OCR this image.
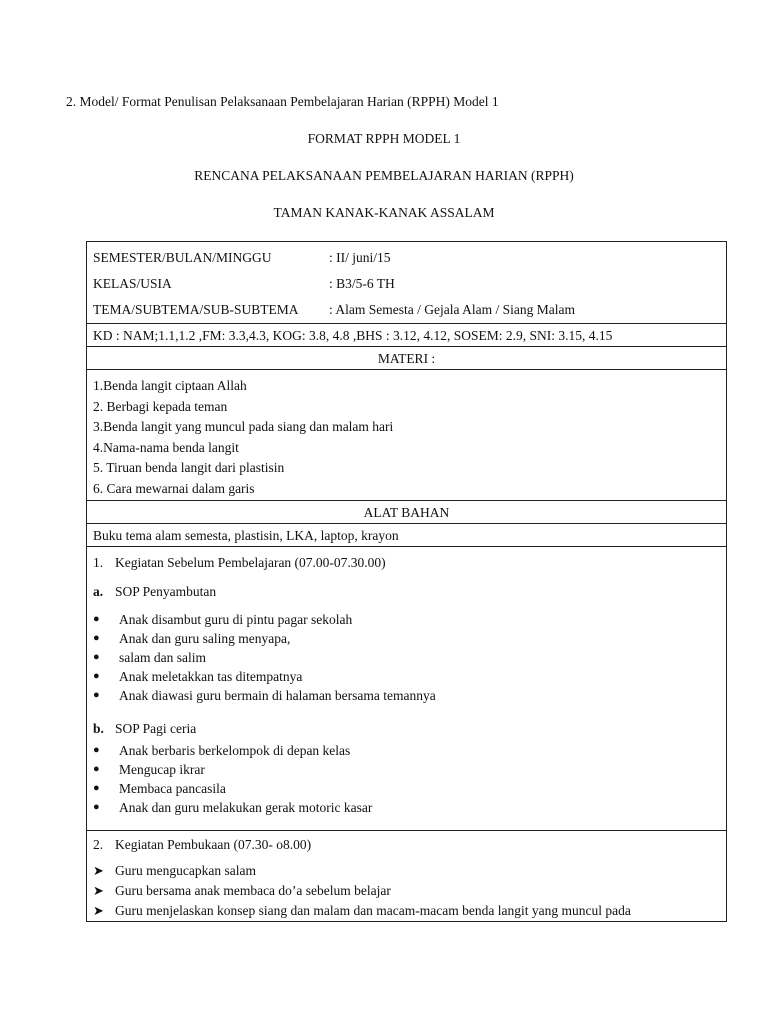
2. Model/ Format Penulisan Pelaksanaan Pembelajaran Harian (RPPH) Model 1
FORMAT RPPH MODEL 1
RENCANA PELAKSANAAN PEMBELAJARAN HARIAN (RPPH)
TAMAN KANAK-KANAK ASSALAM
SEMESTER/BULAN/MINGGU	: II/ juni/15
KELAS/USIA	: B3/5-6 TH
TEMA/SUBTEMA/SUB-SUBTEMA	: Alam Semesta / Gejala Alam / Siang Malam

KD : NAM;1.1,1.2 ,FM: 3.3,4.3, KOG: 3.8, 4.8 ,BHS : 3.12, 4.12, SOSEM: 2.9, SNI: 3.15, 4.15
MATERI :

1.Benda langit ciptaan Allah
2. Berbagi kepada teman
3.Benda langit yang muncul pada siang dan malam hari
4.Nama-nama benda langit
5. Tiruan benda langit dari plastisin
6. Cara mewarnai dalam garis

ALAT BAHAN
Buku tema alam semesta, plastisin, LKA, laptop, krayon

1. Kegiatan Sebelum Pembelajaran (07.00-07.30.00)
a. SOP Penyambutan
●	Anak disambut guru di pintu pagar sekolah
●	Anak dan guru saling menyapa,
●	salam dan salim
●	Anak meletakkan tas ditempatnya
●	Anak diawasi guru bermain di halaman bersama temannya
b. SOP Pagi ceria
●	Anak berbaris berkelompok di depan kelas
●	Mengucap ikrar
●	Membaca pancasila
●	Anak dan guru melakukan gerak motoric kasar

2. Kegiatan Pembukaan (07.30- o8.00)
➤ Guru mengucapkan salam
➤ Guru bersama anak membaca do’a sebelum belajar
➤ Guru menjelaskan konsep siang dan malam dan macam-macam benda langit yang muncul pada
